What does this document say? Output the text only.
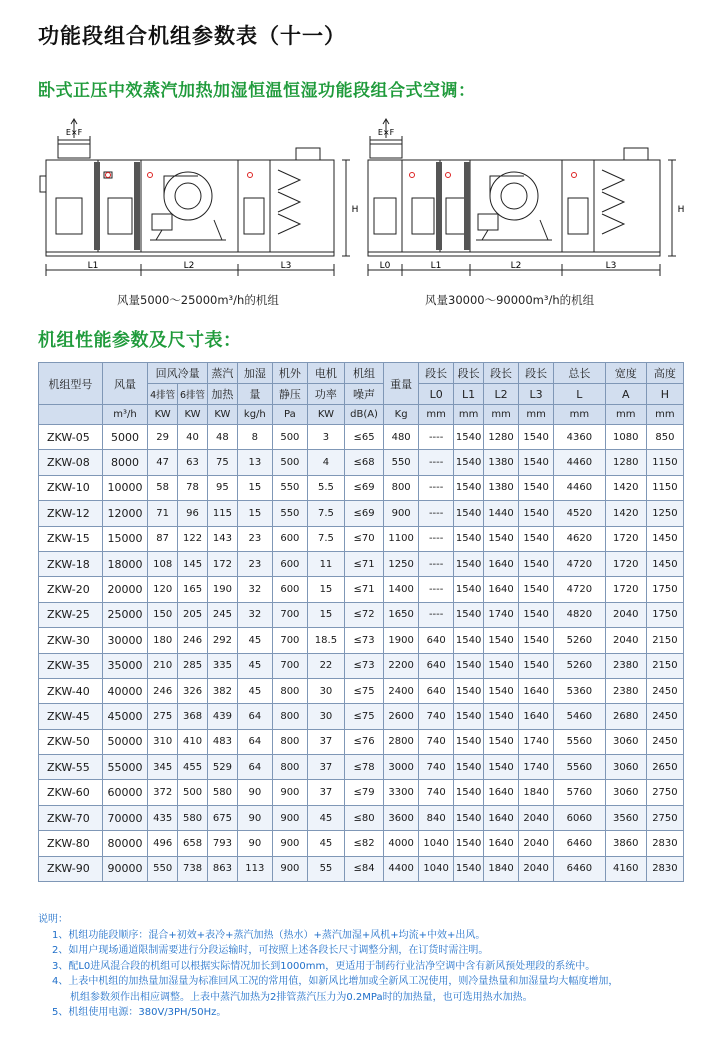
功能段组合机组参数表（十一）
卧式正压中效蒸汽加热加湿恒温恒湿功能段组合式空调：
E×F
H
L1	L2	L3
风量5000～25000m³/h的机组
E×F
H
L0	L1	L2	L3
风量30000～90000m³/h的机组
机组性能参数及尺寸表：
机组型号	风量	回风冷量		蒸汽	加湿	机外	电机	机组	重量	段长	段长	段长	段长	总长	宽度	高度
		4排管	6排管	加热	量	静压	功率	噪声		L0	L1	L2	L3	L	A	H
	m³/h	KW	KW	KW	kg/h	Pa	KW	dB(A)	Kg	mm	mm	mm	mm	mm	mm	mm
ZKW-05	5000	29	40	48	8	500	3	≤65	480	----	1540	1280	1540	4360	1080	850
ZKW-08	8000	47	63	75	13	500	4	≤68	550	----	1540	1380	1540	4460	1280	1150
ZKW-10	10000	58	78	95	15	550	5.5	≤69	800	----	1540	1380	1540	4460	1420	1150
ZKW-12	12000	71	96	115	15	550	7.5	≤69	900	----	1540	1440	1540	4520	1420	1250
ZKW-15	15000	87	122	143	23	600	7.5	≤70	1100	----	1540	1540	1540	4620	1720	1450
ZKW-18	18000	108	145	172	23	600	11	≤71	1250	----	1540	1640	1540	4720	1720	1450
ZKW-20	20000	120	165	190	32	600	15	≤71	1400	----	1540	1640	1540	4720	1720	1750
ZKW-25	25000	150	205	245	32	700	15	≤72	1650	----	1540	1740	1540	4820	2040	1750
ZKW-30	30000	180	246	292	45	700	18.5	≤73	1900	640	1540	1540	1540	5260	2040	2150
ZKW-35	35000	210	285	335	45	700	22	≤73	2200	640	1540	1540	1540	5260	2380	2150
ZKW-40	40000	246	326	382	45	800	30	≤75	2400	640	1540	1540	1640	5360	2380	2450
ZKW-45	45000	275	368	439	64	800	30	≤75	2600	740	1540	1540	1640	5460	2680	2450
ZKW-50	50000	310	410	483	64	800	37	≤76	2800	740	1540	1540	1740	5560	3060	2450
ZKW-55	55000	345	455	529	64	800	37	≤78	3000	740	1540	1540	1740	5560	3060	2650
ZKW-60	60000	372	500	580	90	900	37	≤79	3300	740	1540	1640	1840	5760	3060	2750
ZKW-70	70000	435	580	675	90	900	45	≤80	3600	840	1540	1640	2040	6060	3560	2750
ZKW-80	80000	496	658	793	90	900	45	≤82	4000	1040	1540	1640	2040	6460	3860	2830
ZKW-90	90000	550	738	863	113	900	55	≤84	4400	1040	1540	1840	2040	6460	4160	2830
说明：
1、机组功能段顺序：混合+初效+表冷+蒸汽加热（热水）+蒸汽加湿+风机+均流+中效+出风。
2、如用户现场通道限制需要进行分段运输时，可按照上述各段长尺寸调整分割，在订货时需注明。
3、配L0进风混合段的机组可以根据实际情况加长到1000mm，更适用于制药行业洁净空调中含有新风预处理段的系统中。
4、上表中机组的加热量加湿量为标准回风工况的常用值，如新风比增加或全新风工况使用，则冷量热量和加湿量均大幅度增加，
机组参数须作出相应调整。上表中蒸汽加热为2排管蒸汽压力为0.2MPa时的加热量，也可选用热水加热。
5、机组使用电源：380V/3PH/50Hz。
